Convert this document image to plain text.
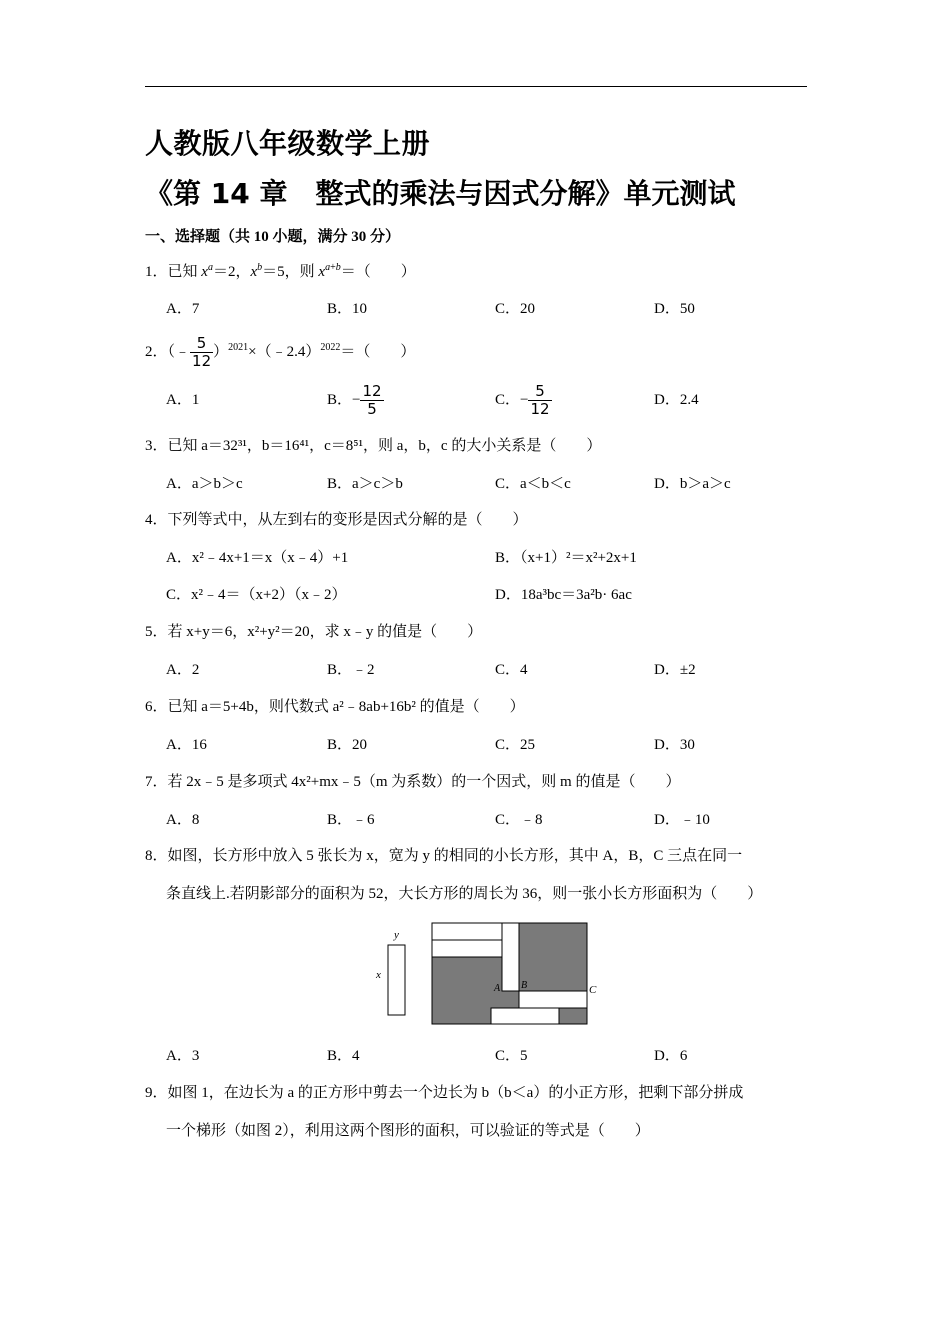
人教版八年级数学上册
《第 14 章　整式的乘法与因式分解》单元测试
一、选择题（共 10 小题，满分 30 分）
1．已知 $x^a=2$，$x^b=5$，则 $x^{a+b}=$（　　）
A．7	B．10	C．20	D．50
2．（﹣ $\frac{5}{12}$ ）$^{2021}$×（﹣2.4）$^{2022}$＝（　　）
A．1	B．− $\frac{12}{5}$	C．− $\frac{5}{12}$	D．2.4
3．已知 a＝32³¹，b＝16⁴¹，c＝8⁵¹，则 a，b，c 的大小关系是（　　）
A．a＞b＞c	B．a＞c＞b	C．a＜b＜c	D．b＞a＞c
4．下列等式中，从左到右的变形是因式分解的是（　　）
A．x²﹣4x+1＝x（x﹣4）+1	B．（x+1）²＝x²+2x+1
C．x²﹣4＝（x+2）（x﹣2）	D．18a³bc＝3a²b· 6ac
5．若 x+y＝6，x²+y²＝20，求 x﹣y 的值是（　　）
A．2	B．﹣2	C．4	D．±2
6．已知 a＝5+4b，则代数式 a²﹣8ab+16b² 的值是（　　）
A．16	B．20	C．25	D．30
7．若 2x﹣5 是多项式 4x²+mx﹣5（m 为系数）的一个因式，则 m 的值是（　　）
A．8	B．﹣6	C．﹣8	D．﹣10
8．如图，长方形中放入 5 张长为 x，宽为 y 的相同的小长方形，其中 A，B，C 三点在同一
条直线上.若阴影部分的面积为 52，大长方形的周长为 36，则一张小长方形面积为（　　）
y
x
A B	C
A．3	B．4	C．5	D．6
9．如图 1，在边长为 a 的正方形中剪去一个边长为 b（b＜a）的小正方形，把剩下部分拼成
一个梯形（如图 2），利用这两个图形的面积，可以验证的等式是（　　）
